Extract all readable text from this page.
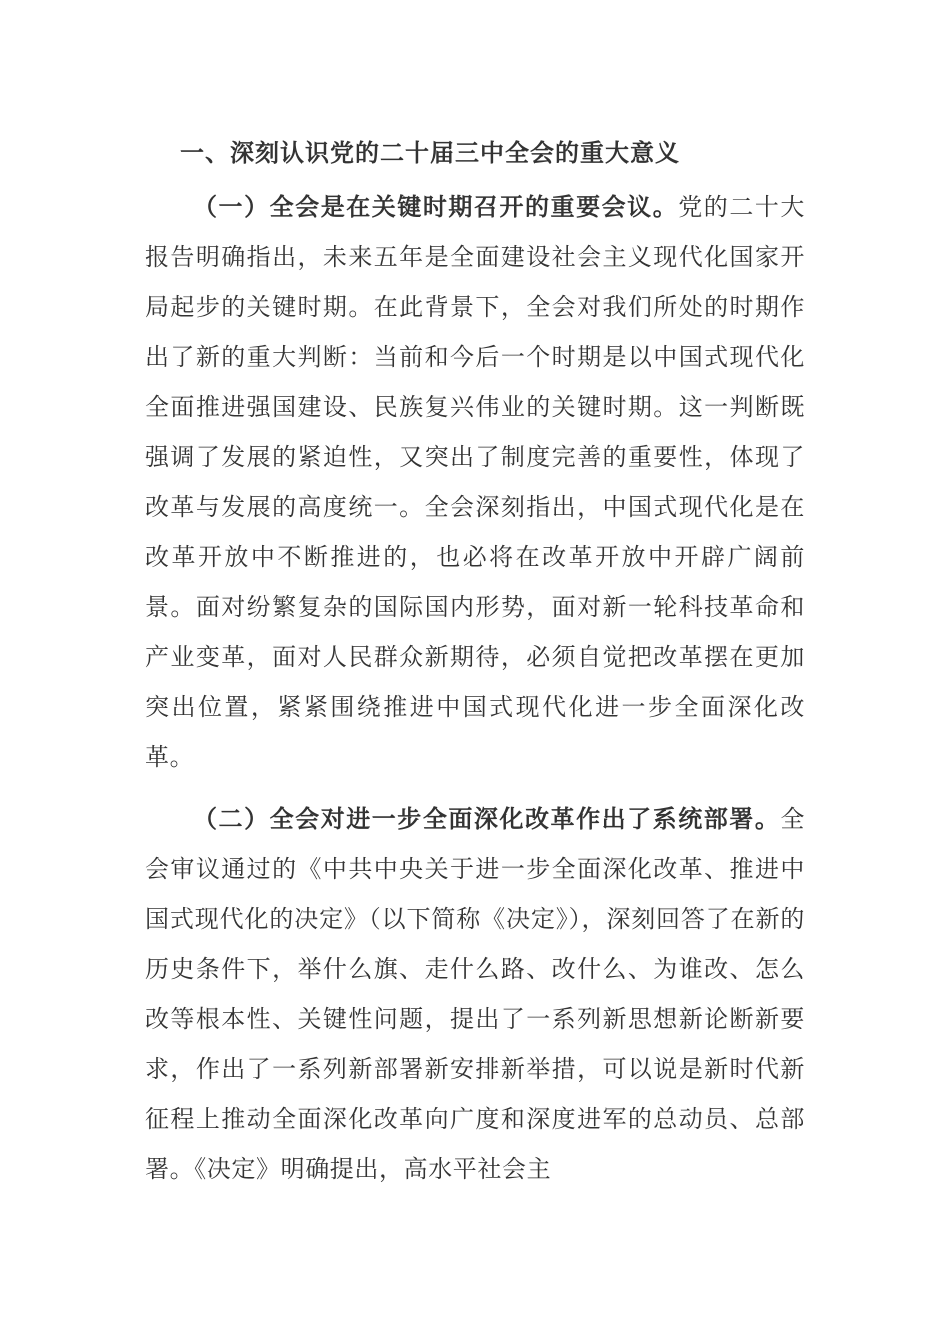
一、深刻认识党的二十届三中全会的重大意义

（一）全会是在关键时期召开的重要会议。党的二十大报告明确指出，未来五年是全面建设社会主义现代化国家开局起步的关键时期。在此背景下，全会对我们所处的时期作出了新的重大判断：当前和今后一个时期是以中国式现代化全面推进强国建设、民族复兴伟业的关键时期。这一判断既强调了发展的紧迫性，又突出了制度完善的重要性，体现了改革与发展的高度统一。全会深刻指出，中国式现代化是在改革开放中不断推进的，也必将在改革开放中开辟广阔前景。面对纷繁复杂的国际国内形势，面对新一轮科技革命和产业变革，面对人民群众新期待，必须自觉把改革摆在更加突出位置，紧紧围绕推进中国式现代化进一步全面深化改革。

（二）全会对进一步全面深化改革作出了系统部署。全会审议通过的《中共中央关于进一步全面深化改革、推进中国式现代化的决定》（以下简称《决定》），深刻回答了在新的历史条件下，举什么旗、走什么路、改什么、为谁改、怎么改等根本性、关键性问题，提出了一系列新思想新论断新要求，作出了一系列新部署新安排新举措，可以说是新时代新征程上推动全面深化改革向广度和深度进军的总动员、总部署。《决定》明确提出，高水平社会主
